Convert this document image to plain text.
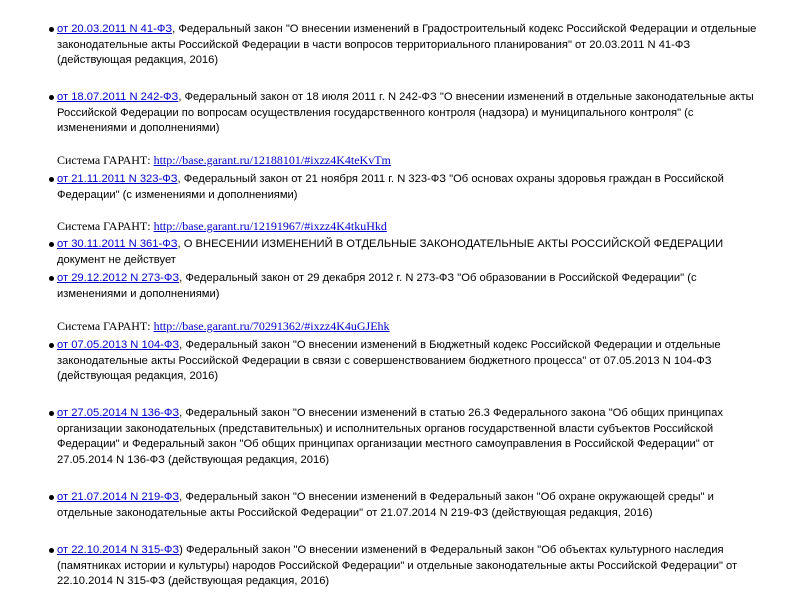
от 20.03.2011 N 41-ФЗ, Федеральный закон "О внесении изменений в Градостроительный кодекс Российской Федерации и отдельные законодательные акты Российской Федерации в части вопросов территориального планирования" от 20.03.2011 N 41-ФЗ (действующая редакция, 2016)
от 18.07.2011 N 242-ФЗ, Федеральный закон от 18 июля 2011 г. N 242-ФЗ "О внесении изменений в отдельные законодательные акты Российской Федерации по вопросам осуществления государственного контроля (надзора) и муниципального контроля" (с изменениями и дополнениями)
Система ГАРАНТ: http://base.garant.ru/12188101/#ixzz4K4teKvTm
от 21.11.2011 N 323-ФЗ, Федеральный закон от 21 ноября 2011 г. N 323-ФЗ "Об основах охраны здоровья граждан в Российской Федерации" (с изменениями и дополнениями)
Система ГАРАНТ: http://base.garant.ru/12191967/#ixzz4K4tkuHkd
от 30.11.2011 N 361-ФЗ, О ВНЕСЕНИИ ИЗМЕНЕНИЙ В ОТДЕЛЬНЫЕ ЗАКОНОДАТЕЛЬНЫЕ АКТЫ РОССИЙСКОЙ ФЕДЕРАЦИИ документ не действует
от 29.12.2012 N 273-ФЗ, Федеральный закон от 29 декабря 2012 г. N 273-ФЗ "Об образовании в Российской Федерации" (с изменениями и дополнениями)
Система ГАРАНТ: http://base.garant.ru/70291362/#ixzz4K4uGJEhk
от 07.05.2013 N 104-ФЗ, Федеральный закон "О внесении изменений в Бюджетный кодекс Российской Федерации и отдельные законодательные акты Российской Федерации в связи с совершенствованием бюджетного процесса" от 07.05.2013 N 104-ФЗ (действующая редакция, 2016)
от 27.05.2014 N 136-ФЗ, Федеральный закон "О внесении изменений в статью 26.3 Федерального закона "Об общих принципах организации законодательных (представительных) и исполнительных органов государственной власти субъектов Российской Федерации" и Федеральный закон "Об общих принципах организации местного самоуправления в Российской Федерации" от 27.05.2014 N 136-ФЗ (действующая редакция, 2016)
от 21.07.2014 N 219-ФЗ, Федеральный закон "О внесении изменений в Федеральный закон "Об охране окружающей среды" и отдельные законодательные акты Российской Федерации" от 21.07.2014 N 219-ФЗ (действующая редакция, 2016)
от 22.10.2014 N 315-ФЗ) Федеральный закон "О внесении изменений в Федеральный закон "Об объектах культурного наследия (памятниках истории и культуры) народов Российской Федерации" и отдельные законодательные акты Российской Федерации" от 22.10.2014 N 315-ФЗ (действующая редакция, 2016)
